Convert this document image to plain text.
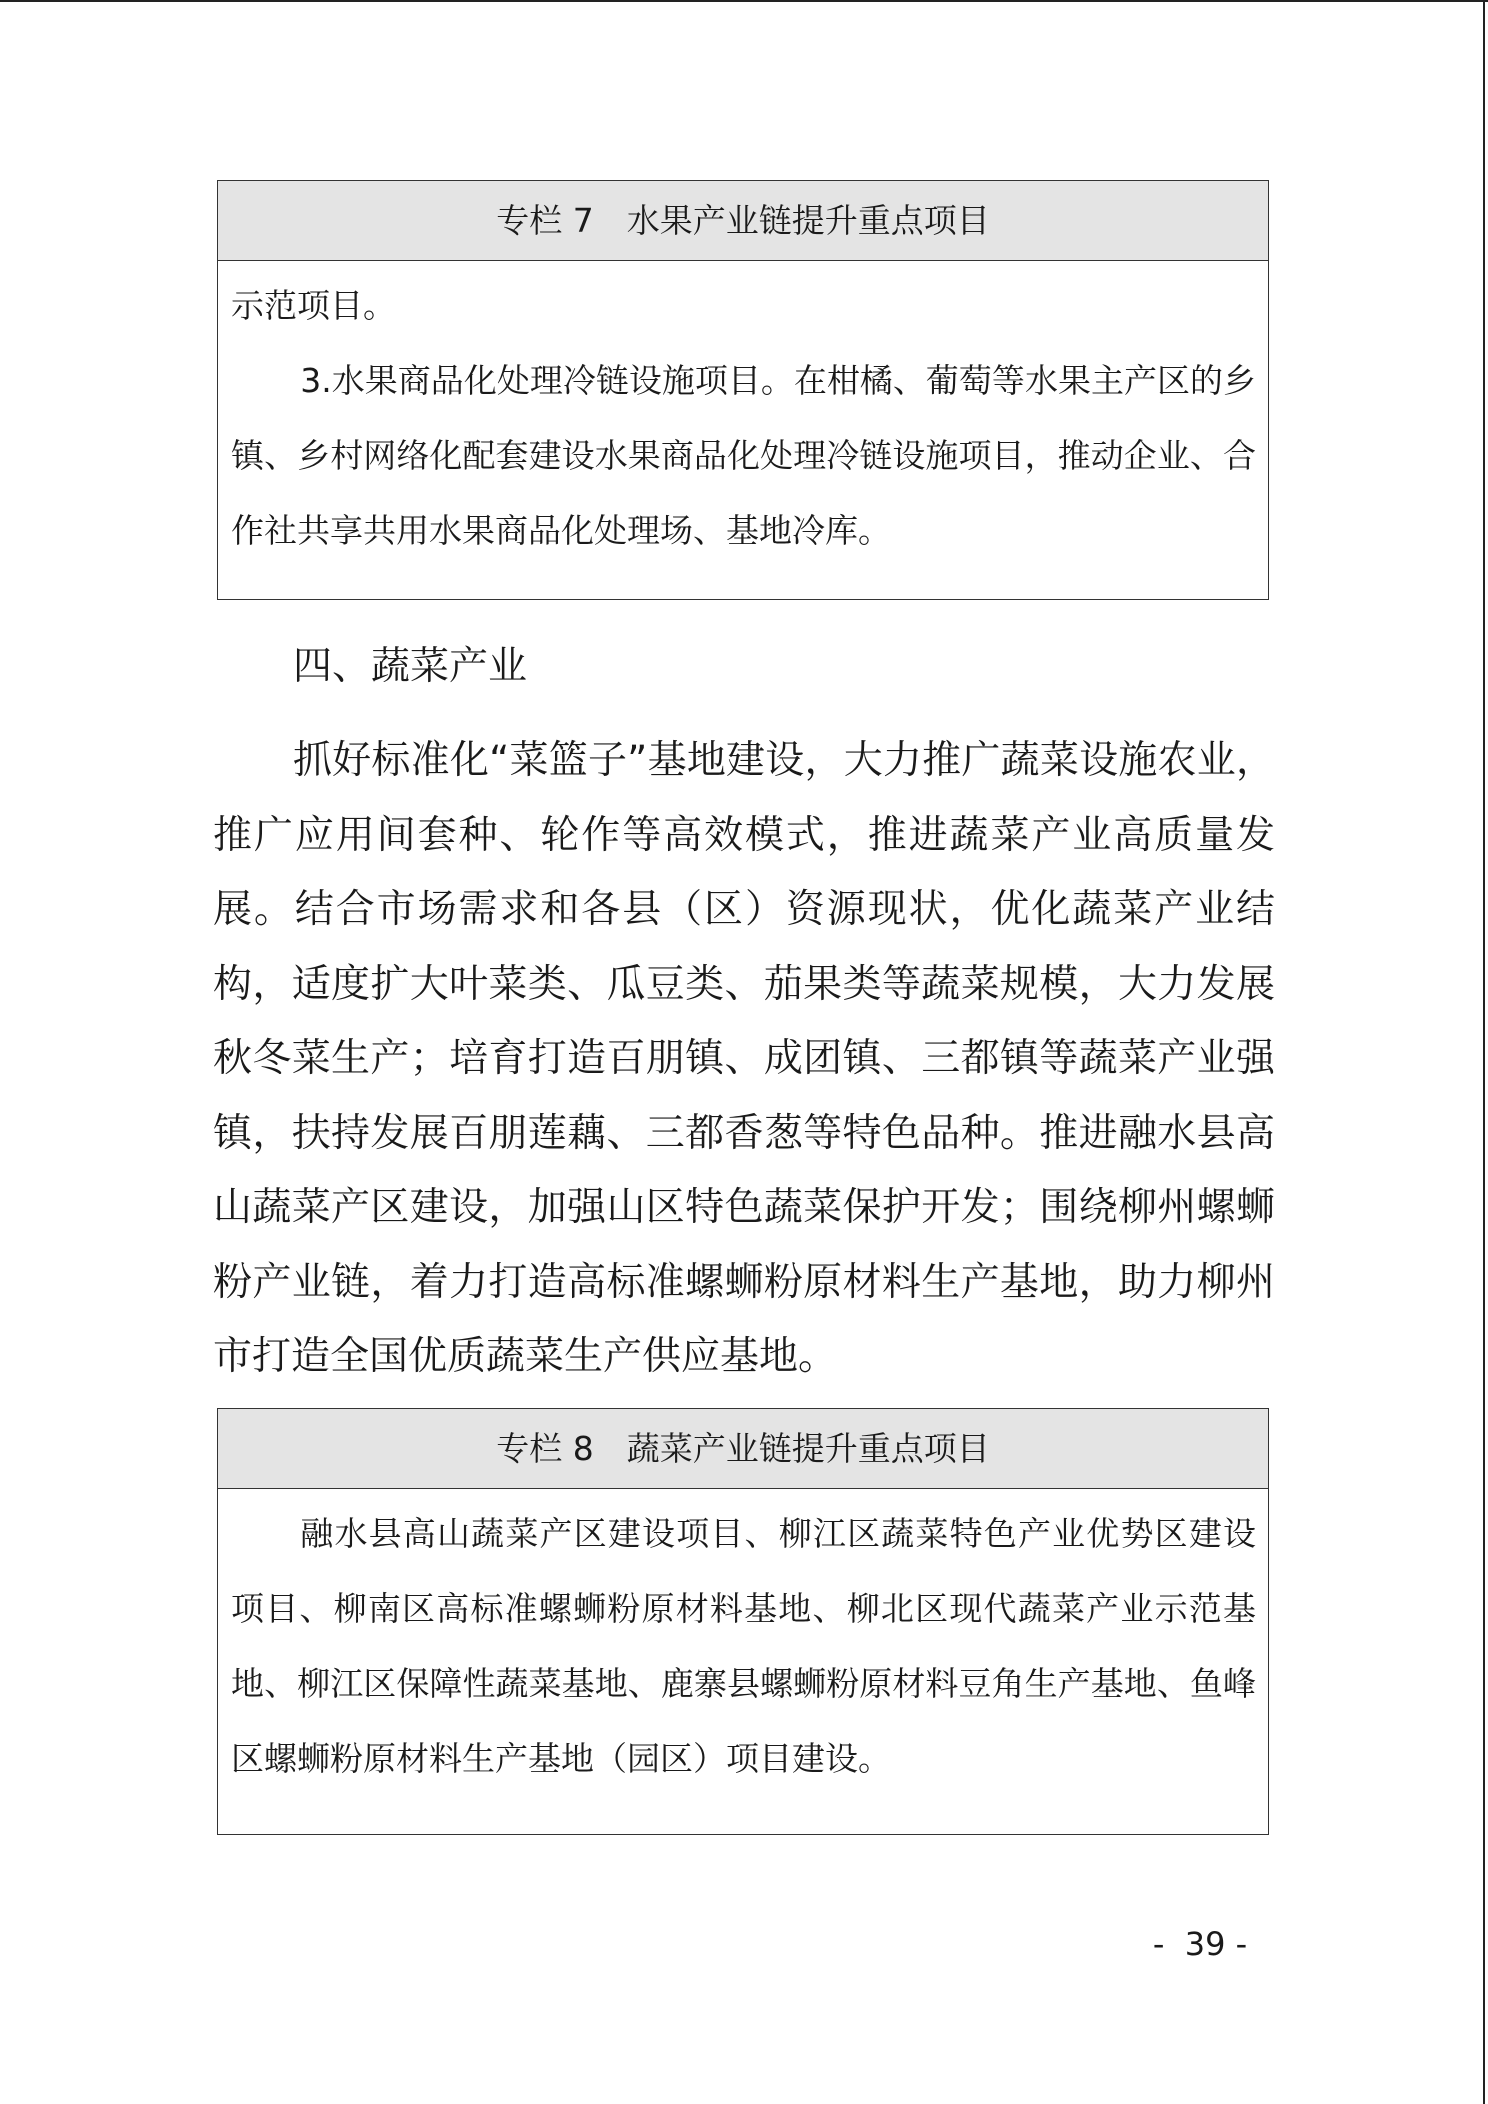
专栏 7　水果产业链提升重点项目

示范项目。

3.水果商品化处理冷链设施项目。在柑橘、葡萄等水果主产区的乡镇、乡村网络化配套建设水果商品化处理冷链设施项目，推动企业、合作社共享共用水果商品化处理场、基地冷库。

四、蔬菜产业

抓好标准化“菜篮子”基地建设，大力推广蔬菜设施农业，推广应用间套种、轮作等高效模式，推进蔬菜产业高质量发展。结合市场需求和各县（区）资源现状，优化蔬菜产业结构，适度扩大叶菜类、瓜豆类、茄果类等蔬菜规模，大力发展秋冬菜生产；培育打造百朋镇、成团镇、三都镇等蔬菜产业强镇，扶持发展百朋莲藕、三都香葱等特色品种。推进融水县高山蔬菜产区建设，加强山区特色蔬菜保护开发；围绕柳州螺蛳粉产业链，着力打造高标准螺蛳粉原材料生产基地，助力柳州市打造全国优质蔬菜生产供应基地。

专栏 8　蔬菜产业链提升重点项目

融水县高山蔬菜产区建设项目、柳江区蔬菜特色产业优势区建设项目、柳南区高标准螺蛳粉原材料基地、柳北区现代蔬菜产业示范基地、柳江区保障性蔬菜基地、鹿寨县螺蛳粉原材料豆角生产基地、鱼峰区螺蛳粉原材料生产基地（园区）项目建设。

-  39 -
